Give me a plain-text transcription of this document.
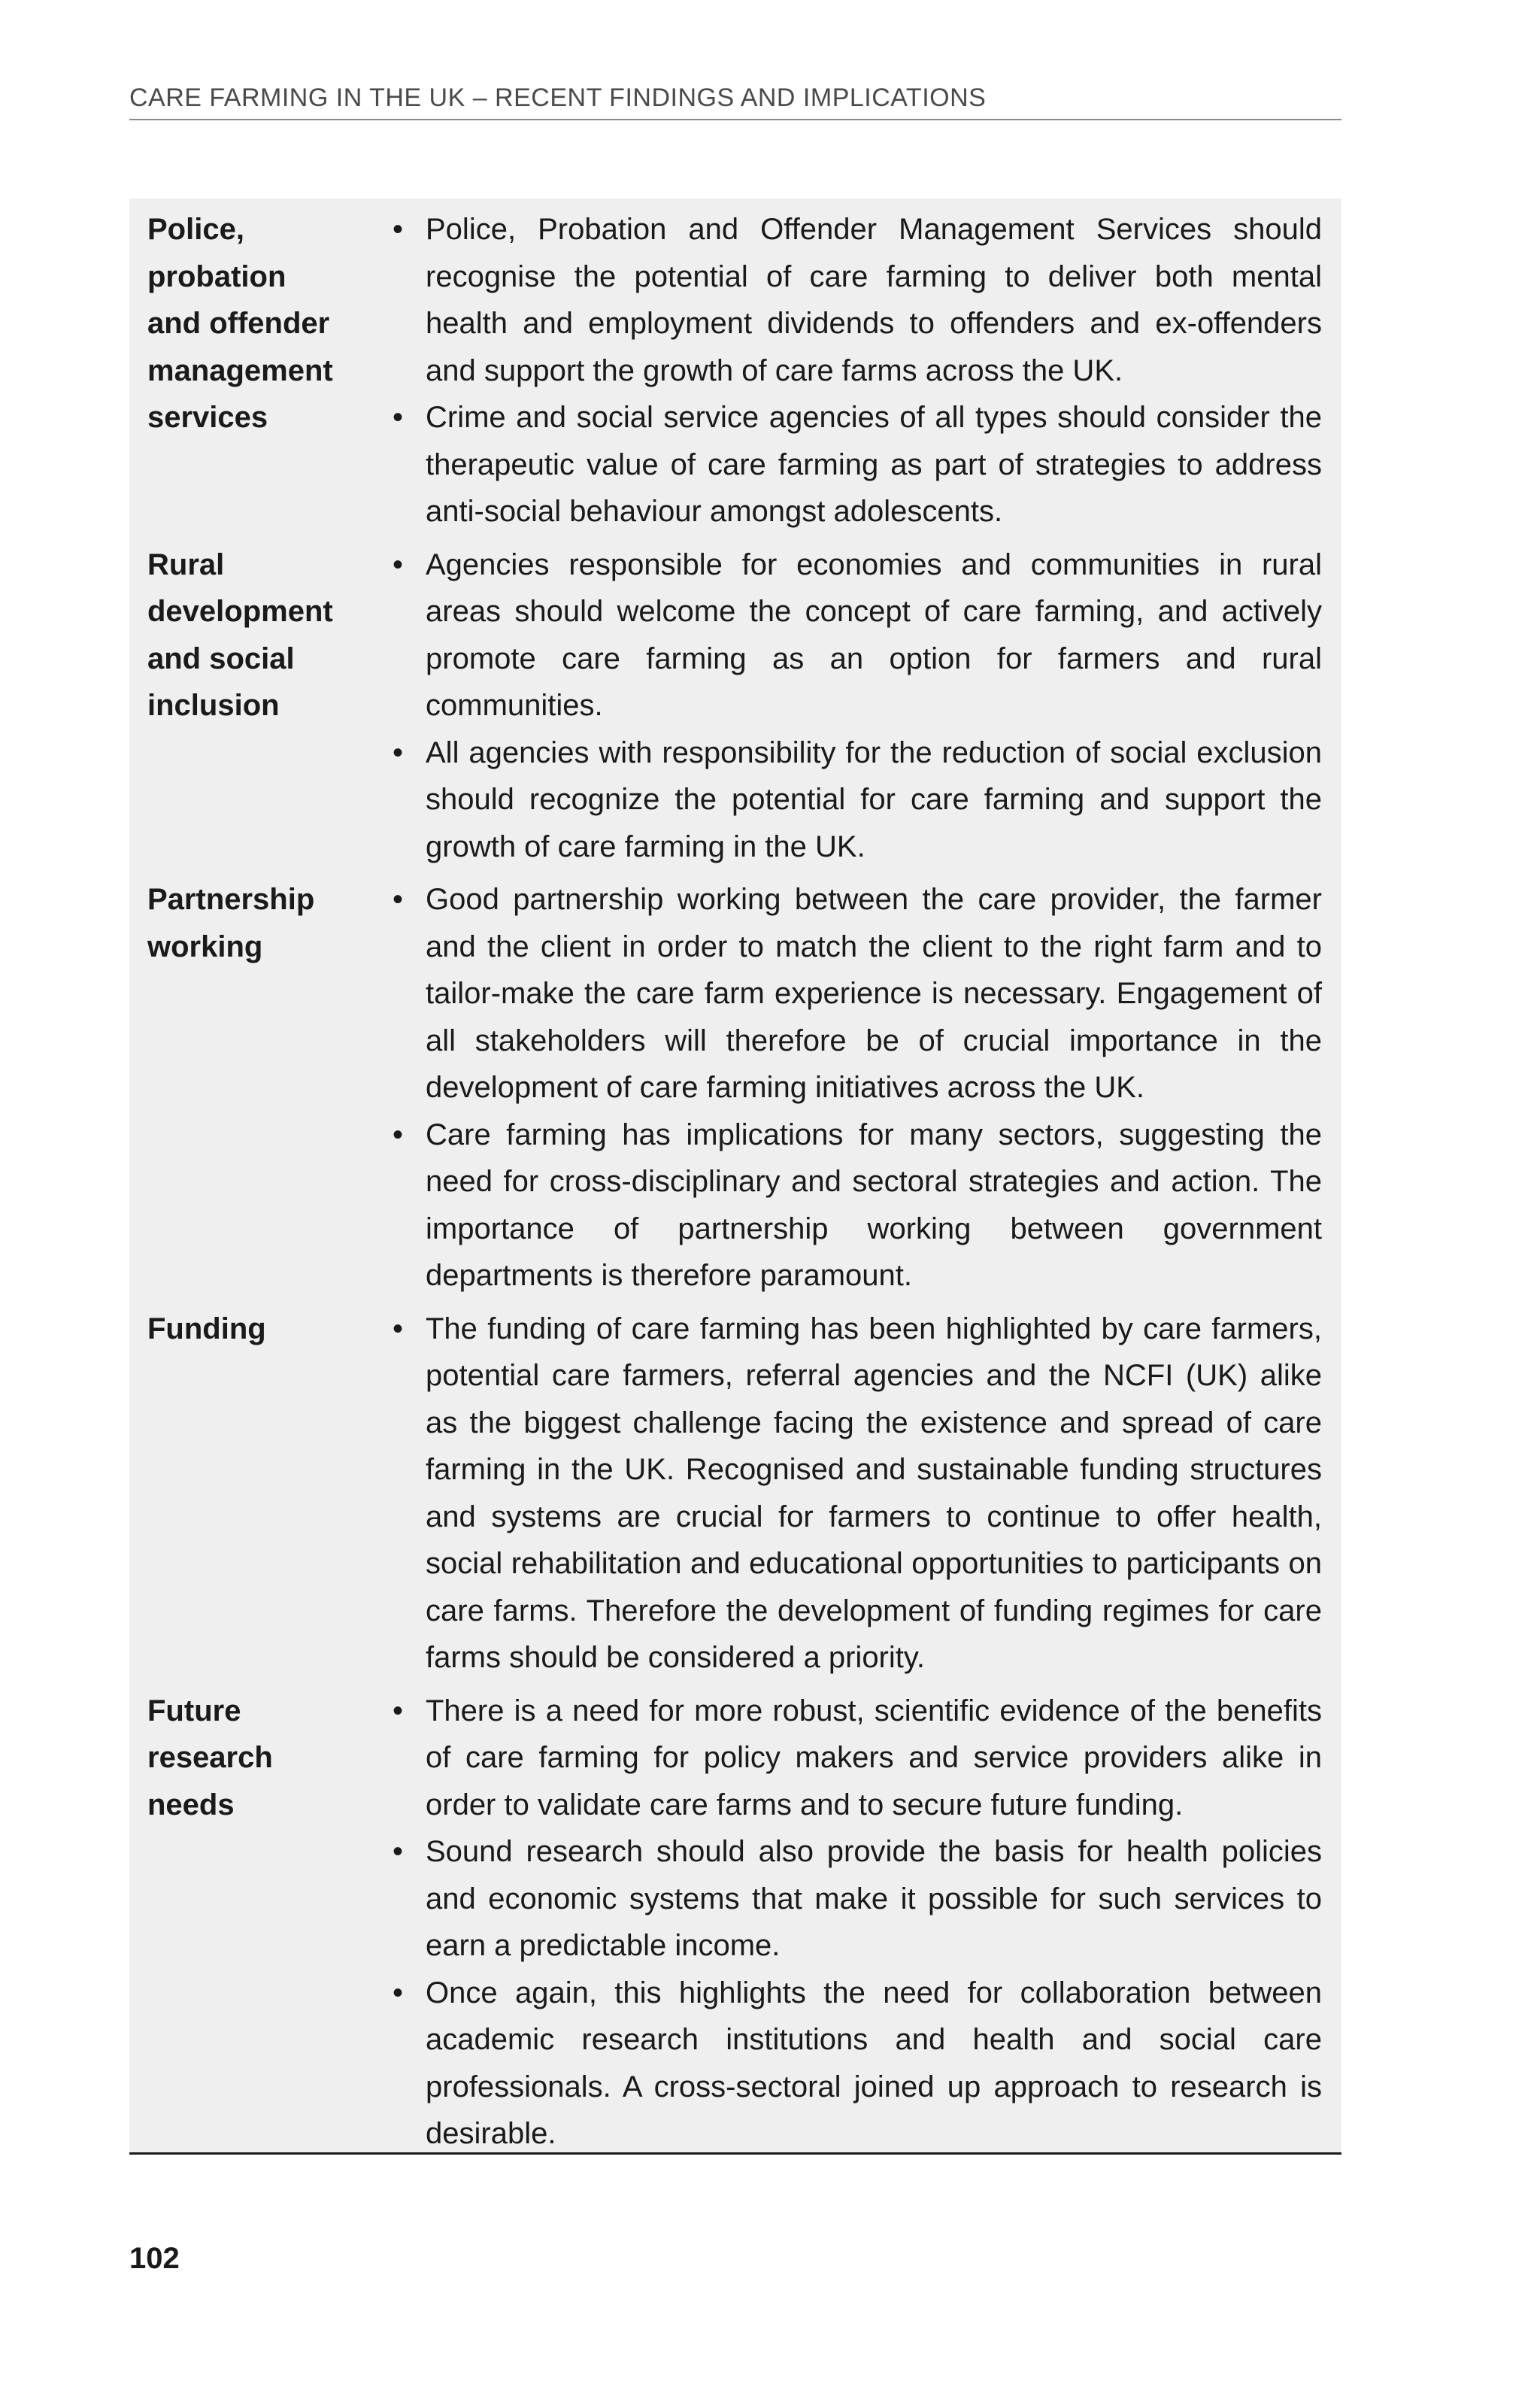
CARE FARMING IN THE UK – RECENT FINDINGS AND IMPLICATIONS
Police,
probation
and offender
management
services
• Police, Probation and Offender Management Services should recognise the potential of care farming to deliver both mental health and employment dividends to offenders and ex-offenders and support the growth of care farms across the UK.
• Crime and social service agencies of all types should consider the therapeutic value of care farming as part of strategies to address anti-social behaviour amongst adolescents.
Rural
development
and social
inclusion
• Agencies responsible for economies and communities in rural areas should welcome the concept of care farming, and actively promote care farming as an option for farmers and rural communities.
• All agencies with responsibility for the reduction of social exclusion should recognize the potential for care farming and support the growth of care farming in the UK.
Partnership
working
• Good partnership working between the care provider, the farmer and the client in order to match the client to the right farm and to tailor-make the care farm experience is necessary. Engagement of all stakeholders will therefore be of crucial importance in the development of care farming initiatives across the UK.
• Care farming has implications for many sectors, suggesting the need for cross-disciplinary and sectoral strategies and action. The importance of partnership working between government departments is therefore paramount.
Funding	• The funding of care farming has been highlighted by care farmers, potential care farmers, referral agencies and the NCFI (UK) alike as the biggest challenge facing the existence and spread of care farming in the UK. Recognised and sustainable funding structures and systems are crucial for farmers to continue to offer health, social rehabilitation and educational opportunities to participants on care farms. Therefore the development of funding regimes for care farms should be considered a priority.
Future
research
needs
• There is a need for more robust, scientific evidence of the benefits of care farming for policy makers and service providers alike in order to validate care farms and to secure future funding.
• Sound research should also provide the basis for health policies and economic systems that make it possible for such services to earn a predictable income.
• Once again, this highlights the need for collaboration between academic research institutions and health and social care professionals. A cross-sectoral joined up approach to research is desirable.
102
